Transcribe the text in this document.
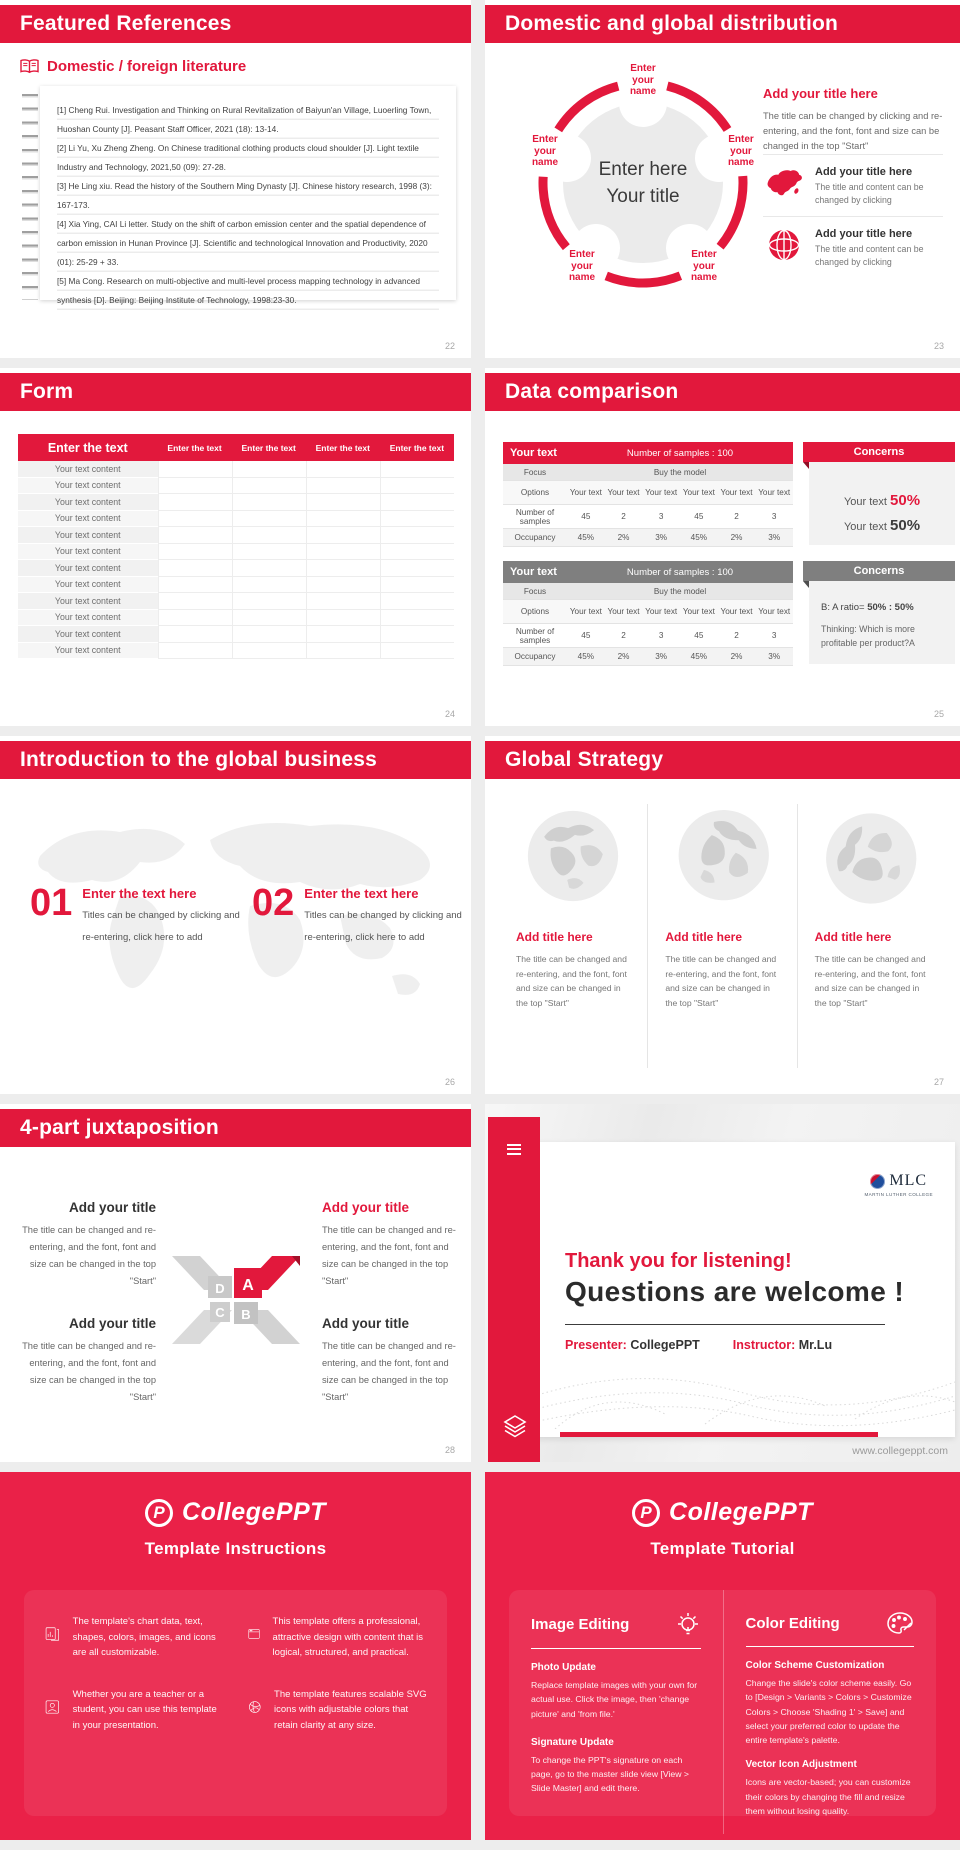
Featured References
Domestic / foreign literature

[1] Cheng Rui. Investigation and Thinking on Rural Revitalization of Baiyun'an Village, Luoerling Town, Huoshan County [J]. Peasant Staff Officer, 2021 (18): 13-14.

[2] Li Yu, Xu Zheng Zheng. On Chinese traditional clothing products cloud shoulder [J]. Light textile Industry and Technology, 2021,50 (09): 27-28.

[3] He Ling xiu. Read the history of the Southern Ming Dynasty [J]. Chinese history research, 1998 (3): 167-173.

[4] Xia Ying, CAI Li letter. Study on the shift of carbon emission center and the spatial dependence of carbon emission in Hunan Province [J]. Scientific and technological Innovation and Productivity, 2020 (01): 25-29 + 33.

[5] Ma Cong. Research on multi-objective and multi-level process mapping technology in advanced synthesis [D]. Beijing: Beijing Institute of Technology, 1998:23-30.

22
Domestic and global distribution
Enter here
Your title
Enter your name
Enter your name
Enter your name
Enter your name
Enter your name

Add your title here

The title can be changed by clicking and re-entering, and the font, font and size can be changed in the top "Start"
Add your title here
The title and content can be changed by clicking
Add your title here
The title and content can be changed by clicking
23
Form
Enter the text	Enter the text	Enter the text	Enter the text	Enter the text
Your text content
Your text content
Your text content
Your text content
Your text content
Your text content
Your text content
Your text content
Your text content
Your text content
Your text content
Your text content
24
Data comparison
Your text	Number of samples : 100
Focus	Buy the model
Options	Your text Your text Your text Your text Your text Your text
Number of samples	45	2	3	45	2	3
Occupancy	45%	2%	3%	45%	2%	3%
Your text 50%
Your text 50%
Concerns
Your text	Number of samples : 100
Focus	Buy the model
Options	Your text Your text Your text Your text Your text Your text
Number of samples	45	2	3	45	2	3
Occupancy	45%	2%	3%	45%	2%	3%
B: A ratio= 50% : 50%
Thinking: Which is more profitable per product?A
Concerns
25
Introduction to the global business
01 Enter the text here
Titles can be changed by clicking and re-entering, click here to add
02 Enter the text here
Titles can be changed by clicking and re-entering, click here to add
26
Global Strategy
Add title here
The title can be changed and re-entering, and the font, font and size can be changed in the top "Start"
Add title here
The title can be changed and re-entering, and the font, font and size can be changed in the top "Start"
Add title here
The title can be changed and re-entering, and the font, font and size can be changed in the top "Start"
27
4-part juxtaposition
Add your title
The title can be changed and re-entering, and the font, font and size can be changed in the top "Start"
Add your title
The title can be changed and re-entering, and the font, font and size can be changed in the top "Start"
Add your title
The title can be changed and re-entering, and the font, font and size can be changed in the top "Start"
Add your title
The title can be changed and re-entering, and the font, font and size can be changed in the top "Start"
D A
C B
28
MLC
MARTIN LUTHER COLLEGE
Thank you for listening!
Questions are welcome !
Presenter: CollegePPT	Instructor: Mr.Lu
www.collegeppt.com
P CollegePPT
Template Instructions
The template's chart data, text, shapes, colors, images, and icons are all customizable.
This template offers a professional, attractive design with content that is logical, structured, and practical.
Whether you are a teacher or a student, you can use this template in your presentation.
The template features scalable SVG icons with adjustable colors that retain clarity at any size.
P CollegePPT
Template Tutorial
Image Editing
Photo Update
Replace template images with your own for actual use. Click the image, then 'change picture' and 'from file.'
Signature Update
To change the PPT's signature on each page, go to the master slide view [View > Slide Master] and edit there.
Color Editing
Color Scheme Customization
Change the slide's color scheme easily. Go to [Design > Variants > Colors > Customize Colors > Choose 'Shading 1' > Save] and select your preferred color to update the entire template's palette.
Vector Icon Adjustment
Icons are vector-based; you can customize their colors by changing the fill and resize them without losing quality.
